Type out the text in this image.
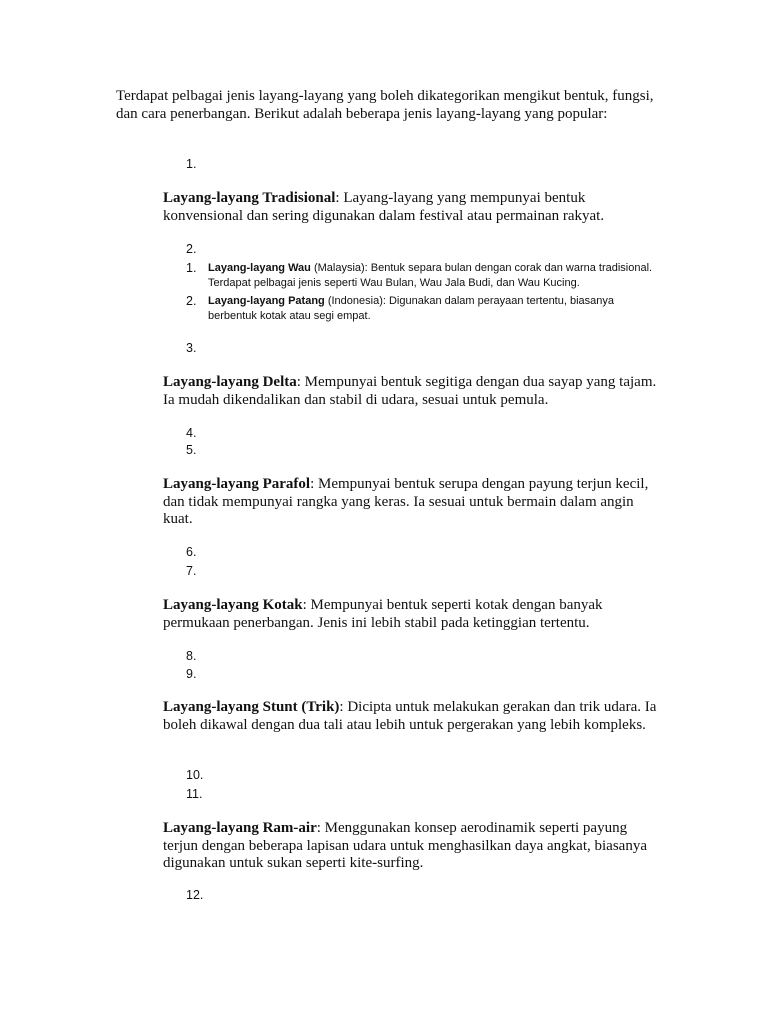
Terdapat pelbagai jenis layang-layang yang boleh dikategorikan mengikut bentuk, fungsi, dan cara penerbangan. Berikut adalah beberapa jenis layang-layang yang popular:

1.
2.
3.
4.
5.
6.
7.
8.
9.
10.
11.
12.

Layang-layang Tradisional: Layang-layang yang mempunyai bentuk konvensional dan sering digunakan dalam festival atau permainan rakyat.

1. Layang-layang Wau (Malaysia): Bentuk separa bulan dengan corak dan warna tradisional. Terdapat pelbagai jenis seperti Wau Bulan, Wau Jala Budi, dan Wau Kucing.
2. Layang-layang Patang (Indonesia): Digunakan dalam perayaan tertentu, biasanya berbentuk kotak atau segi empat.

Layang-layang Delta: Mempunyai bentuk segitiga dengan dua sayap yang tajam. Ia mudah dikendalikan dan stabil di udara, sesuai untuk pemula.

Layang-layang Parafol: Mempunyai bentuk serupa dengan payung terjun kecil, dan tidak mempunyai rangka yang keras. Ia sesuai untuk bermain dalam angin kuat.

Layang-layang Kotak: Mempunyai bentuk seperti kotak dengan banyak permukaan penerbangan. Jenis ini lebih stabil pada ketinggian tertentu.

Layang-layang Stunt (Trik): Dicipta untuk melakukan gerakan dan trik udara. Ia boleh dikawal dengan dua tali atau lebih untuk pergerakan yang lebih kompleks.

Layang-layang Ram-air: Menggunakan konsep aerodinamik seperti payung terjun dengan beberapa lapisan udara untuk menghasilkan daya angkat, biasanya digunakan untuk sukan seperti kite-surfing.
